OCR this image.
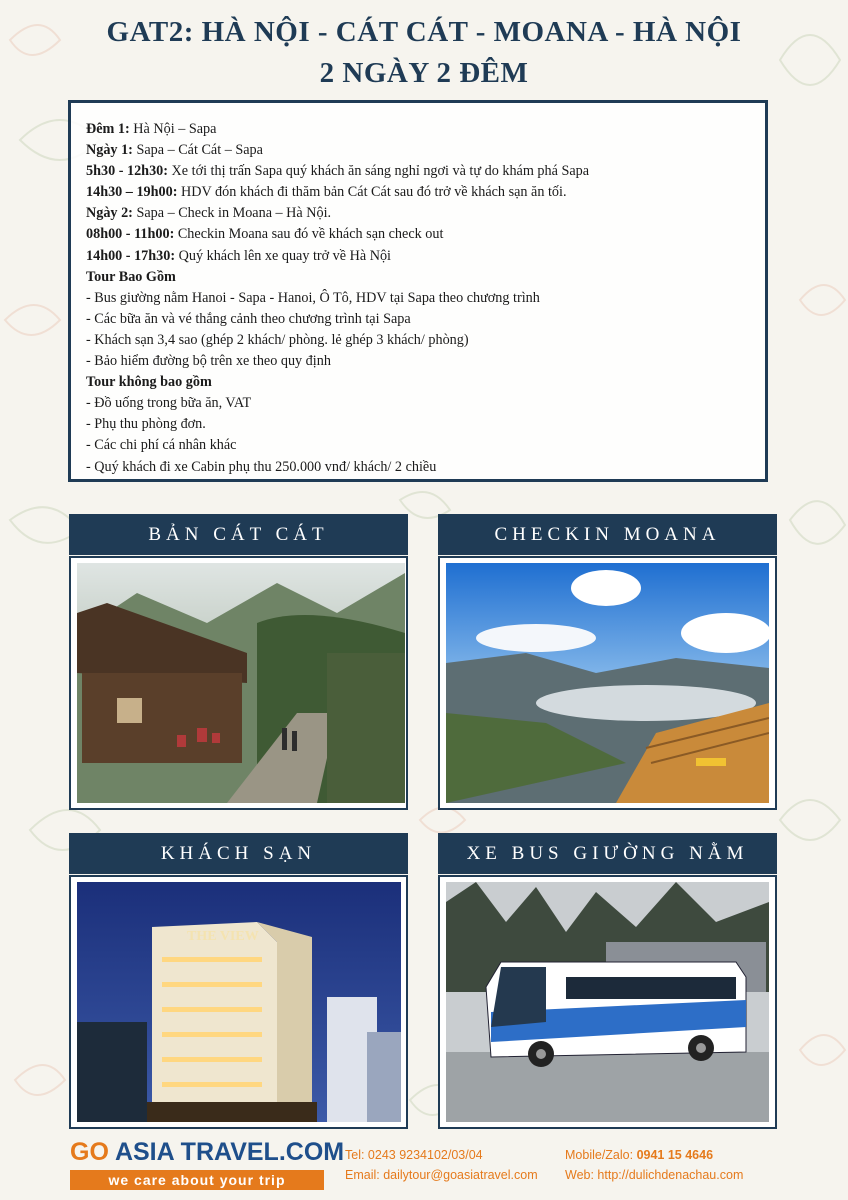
GAT2: HÀ NỘI - CÁT CÁT - MOANA - HÀ NỘI
2 NGÀY 2 ĐÊM
Đêm 1: Hà Nội – Sapa
Ngày 1: Sapa – Cát Cát – Sapa
5h30 - 12h30: Xe tới thị trấn Sapa quý khách ăn sáng nghỉ ngơi và tự do khám phá Sapa
14h30 – 19h00: HDV đón khách đi thăm bản Cát Cát sau đó trở về khách sạn ăn tối.
Ngày 2: Sapa – Check in Moana – Hà Nội.
08h00 - 11h00: Checkin Moana sau đó về khách sạn check out
14h00 - 17h30: Quý khách lên xe quay trở về Hà Nội
Tour Bao Gồm
- Bus giường nằm Hanoi - Sapa - Hanoi, Ô Tô, HDV tại Sapa theo chương trình
- Các bữa ăn và vé thắng cảnh theo chương trình tại Sapa
- Khách sạn 3,4 sao (ghép 2 khách/ phòng. lẻ ghép 3 khách/ phòng)
- Bảo hiểm đường bộ trên xe theo quy định
Tour không bao gồm
- Đồ uống trong bữa ăn, VAT
- Phụ thu phòng đơn.
- Các chi phí cá nhân khác
- Quý khách đi xe Cabin phụ thu 250.000 vnđ/ khách/ 2 chiều
BẢN CÁT CÁT	CHECKIN MOANA
KHÁCH SẠN
THE VIEW
XE BUS GIƯỜNG NẰM
GO ASIA TRAVEL.COM
we care about your trip
Tel: 0243 9234102/03/04
Email: dailytour@goasiatravel.com
Mobile/Zalo: 0941 15 4646
Web: http://dulichdenachau.com
